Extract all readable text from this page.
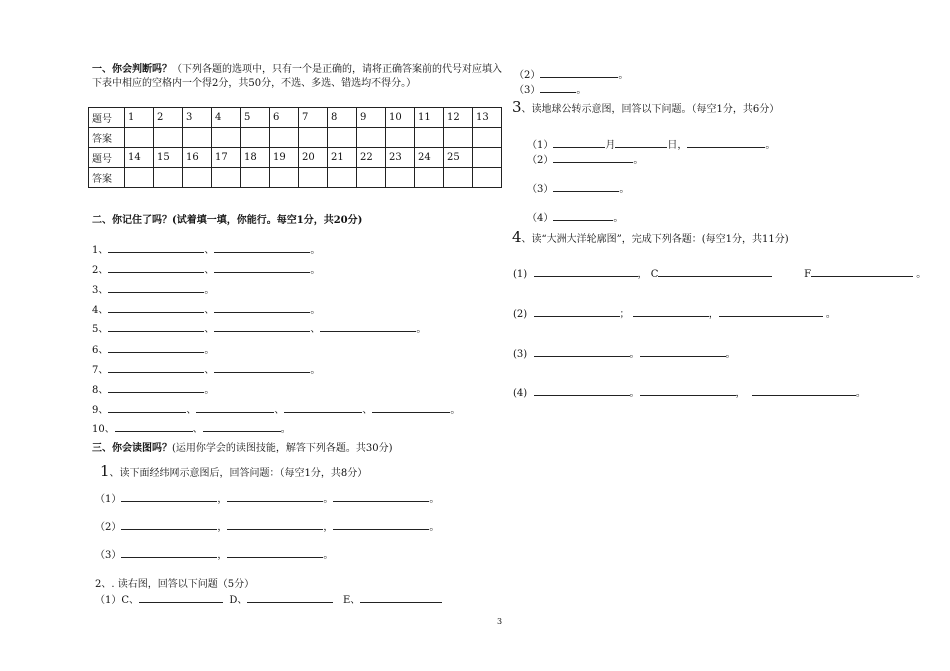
一、你会判断吗？（下列各题的选项中，只有一个是正确的，请将正确答案前的代号对应填入下表中相应的空格内一个得2分，共50分，不选、多选、错选均不得分。）
题号	1	2	3	4	5	6	7	8	9	10	11	12	13
答案													
题号	14	15	16	17	18	19	20	21	22	23	24	25	
答案													
二、你记住了吗？(试着填一填，你能行。每空1分，共20分)
1、	、	。
2、	、	。
3、	。
4、	、	。
5、	、	、	。
6、	。
7、	、	。
8、	。
9、	、	、	、	。
10、	、	。
三、你会读图吗？(运用你学会的读图技能，解答下列各题。共30分)
1、读下面经纬网示意图后，回答问题：（每空1分，共8分）
（1）	，	。	。
（2）	，	，	。
（3）	，	。
2、. 读右图，回答以下问题（5分）
（1）C、	D、	E、
（2）	。
（3）	。
3、读地球公转示意图，回答以下问题。（每空1分，共6分）
（1）	月	日，	。
（2）	。
（3）	。
（4）	。
4、读“大洲大洋轮廓图”，完成下列各题：(每空1分，共11分)
(1)	， C	F	。
(2)	；	，	。
(3)	。	。
(4)	。	，	。
3
